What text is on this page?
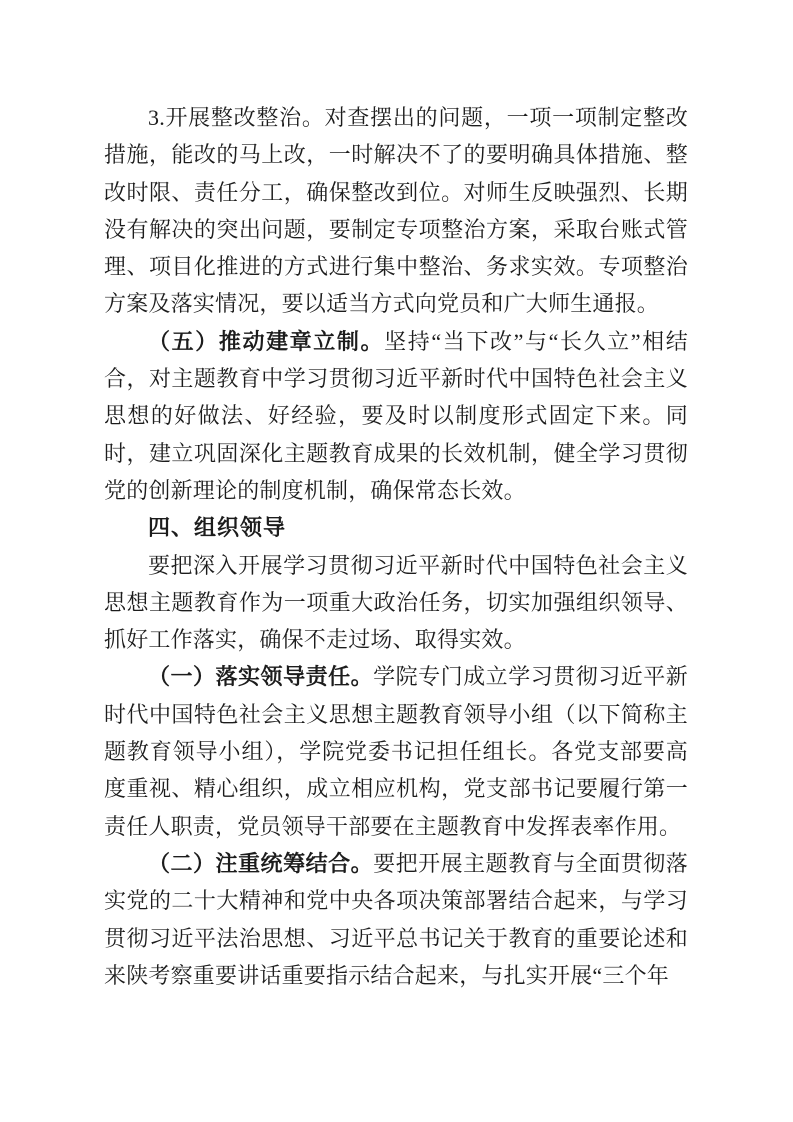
3.开展整改整治。对查摆出的问题，一项一项制定整改措施，能改的马上改，一时解决不了的要明确具体措施、整改时限、责任分工，确保整改到位。对师生反映强烈、长期没有解决的突出问题，要制定专项整治方案，采取台账式管理、项目化推进的方式进行集中整治、务求实效。专项整治方案及落实情况，要以适当方式向党员和广大师生通报。

（五）推动建章立制。坚持“当下改”与“长久立”相结合，对主题教育中学习贯彻习近平新时代中国特色社会主义思想的好做法、好经验，要及时以制度形式固定下来。同时，建立巩固深化主题教育成果的长效机制，健全学习贯彻党的创新理论的制度机制，确保常态长效。

四、组织领导

要把深入开展学习贯彻习近平新时代中国特色社会主义思想主题教育作为一项重大政治任务，切实加强组织领导、抓好工作落实，确保不走过场、取得实效。

（一）落实领导责任。学院专门成立学习贯彻习近平新时代中国特色社会主义思想主题教育领导小组（以下简称主题教育领导小组），学院党委书记担任组长。各党支部要高度重视、精心组织，成立相应机构，党支部书记要履行第一责任人职责，党员领导干部要在主题教育中发挥表率作用。

（二）注重统筹结合。要把开展主题教育与全面贯彻落实党的二十大精神和党中央各项决策部署结合起来，与学习贯彻习近平法治思想、习近平总书记关于教育的重要论述和来陕考察重要讲话重要指示结合起来，与扎实开展“三个年
